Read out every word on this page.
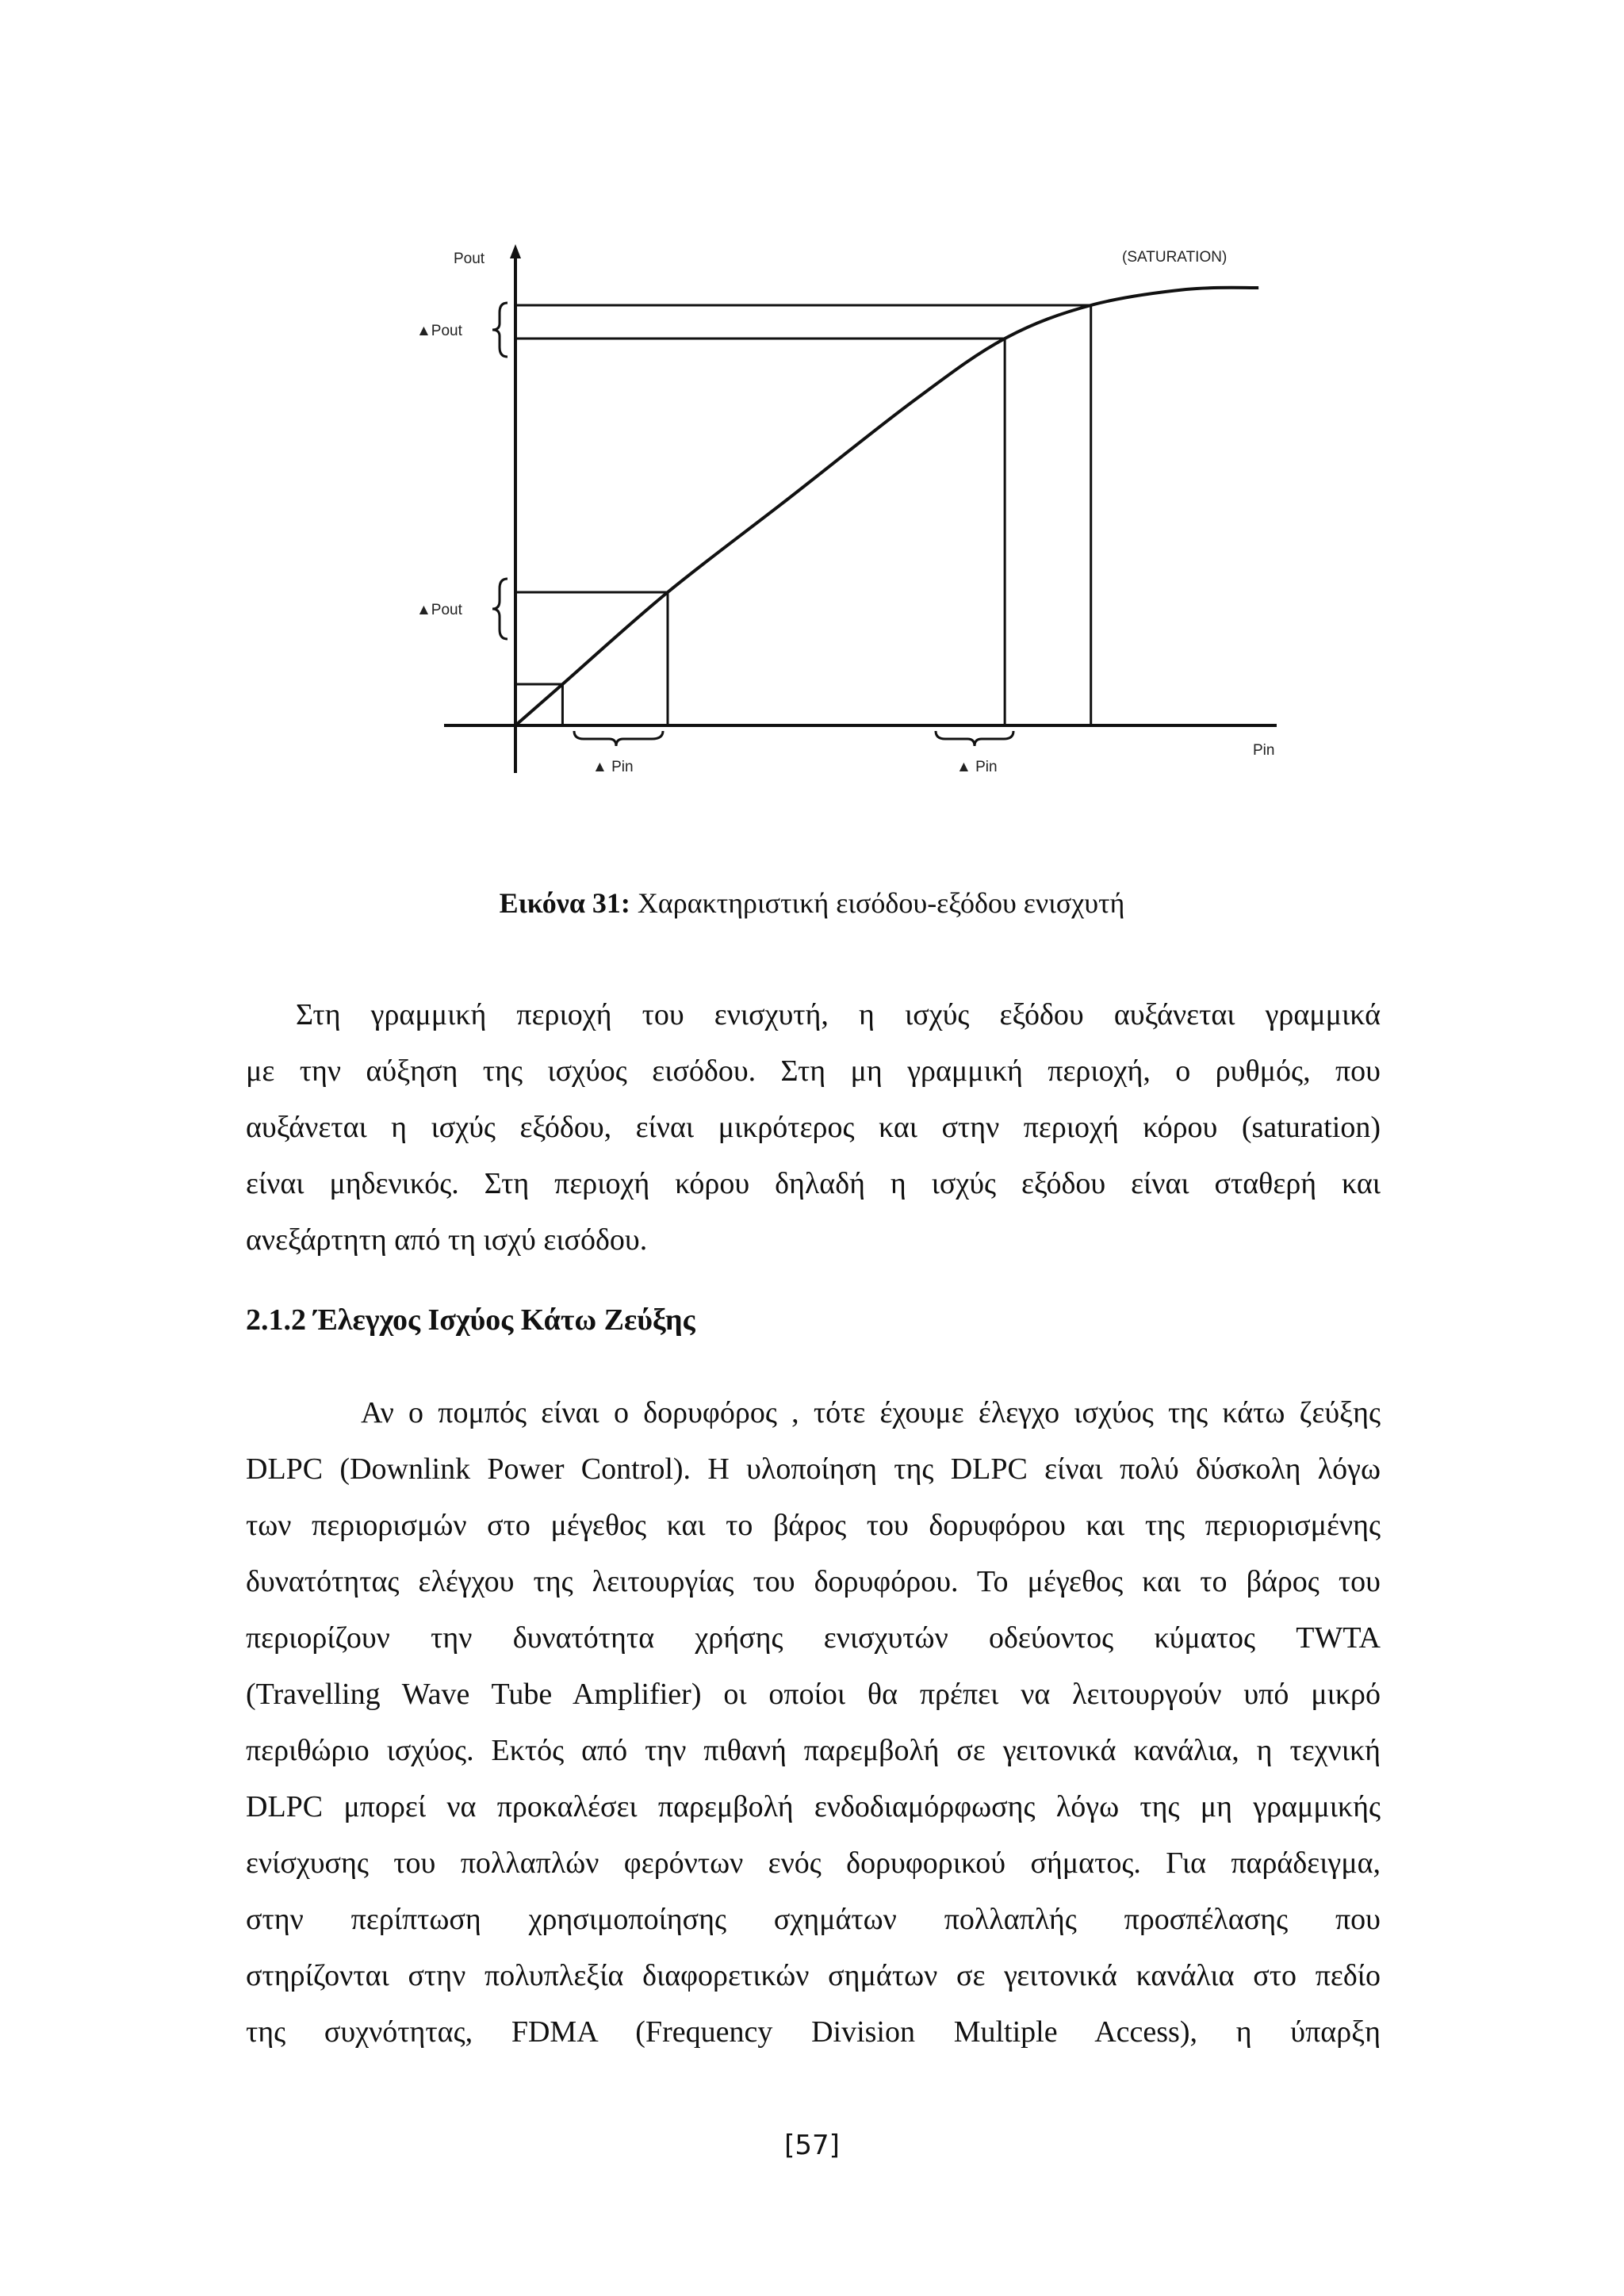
Pout
Pin
(SATURATION)
▲Pout
▲Pout
▲ Pin	▲ Pin
Εικόνα 31: Χαρακτηριστική εισόδου-εξόδου ενισχυτή
Στη γραμμική περιοχή του ενισχυτή, η ισχύς εξόδου αυξάνεται γραμμικά
με την αύξηση της ισχύος εισόδου. Στη μη γραμμική περιοχή, ο ρυθμός, που
αυξάνεται η ισχύς εξόδου, είναι μικρότερος και στην περιοχή κόρου (saturation)
είναι μηδενικός. Στη περιοχή κόρου δηλαδή η ισχύς εξόδου είναι σταθερή και
ανεξάρτητη από τη ισχύ εισόδου.
2.1.2 Έλεγχος Ισχύος Κάτω Ζεύξης
Αν ο πομπός είναι ο δορυφόρος , τότε έχουμε έλεγχο ισχύος της κάτω ζεύξης
DLPC (Downlink Power Control). Η υλοποίηση της DLPC είναι πολύ δύσκολη λόγω
των περιορισμών στο μέγεθος και το βάρος του δορυφόρου και της περιορισμένης
δυνατότητας ελέγχου της λειτουργίας του δορυφόρου. Το μέγεθος και το βάρος του
περιορίζουν την δυνατότητα χρήσης ενισχυτών οδεύοντος κύματος TWTA
(Travelling Wave Tube Amplifier) οι οποίοι θα πρέπει να λειτουργούν υπό μικρό
περιθώριο ισχύος. Εκτός από την πιθανή παρεμβολή σε γειτονικά κανάλια, η τεχνική
DLPC μπορεί να προκαλέσει παρεμβολή ενδοδιαμόρφωσης λόγω της μη γραμμικής
ενίσχυσης του πολλαπλών φερόντων ενός δορυφορικού σήματος. Για παράδειγμα,
στην περίπτωση χρησιμοποίησης σχημάτων πολλαπλής προσπέλασης που
στηρίζονται στην πολυπλεξία διαφορετικών σημάτων σε γειτονικά κανάλια στο πεδίο
της συχνότητας, FDMA (Frequency Division Multiple Access), η ύπαρξη
[57]
